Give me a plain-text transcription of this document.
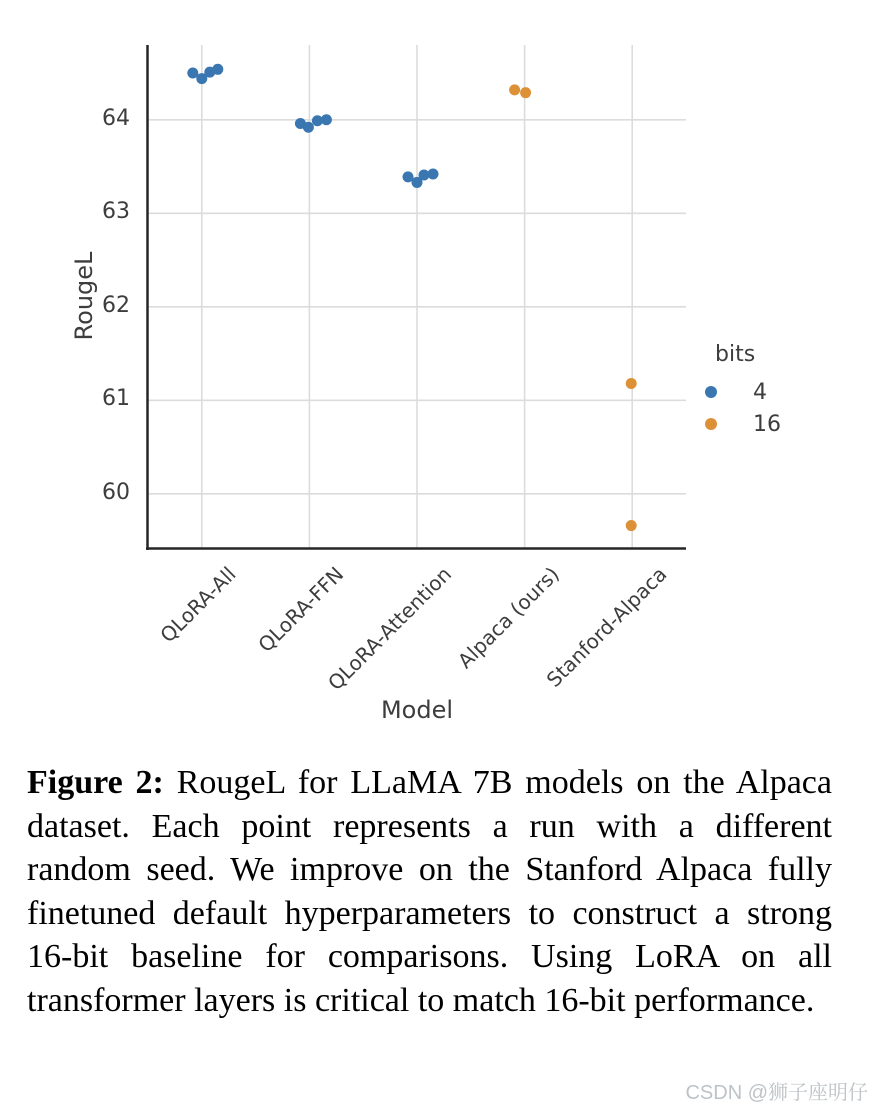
RougeL
Model
64
63
62
61
60
QLoRA-All QLoRA-FFN
QLoRA-Attention
Alpaca (ours)
Stanford-Alpaca
bits
4
16
Figure 2: RougeL for LLaMA 7B models on the Alpaca dataset. Each point represents a run with a different random seed. We improve on the Stanford Alpaca fully finetuned default hyperparameters to construct a strong 16-bit baseline for comparisons. Using LoRA on all transformer layers is critical to match 16-bit performance.
CSDN @狮子座明仔
